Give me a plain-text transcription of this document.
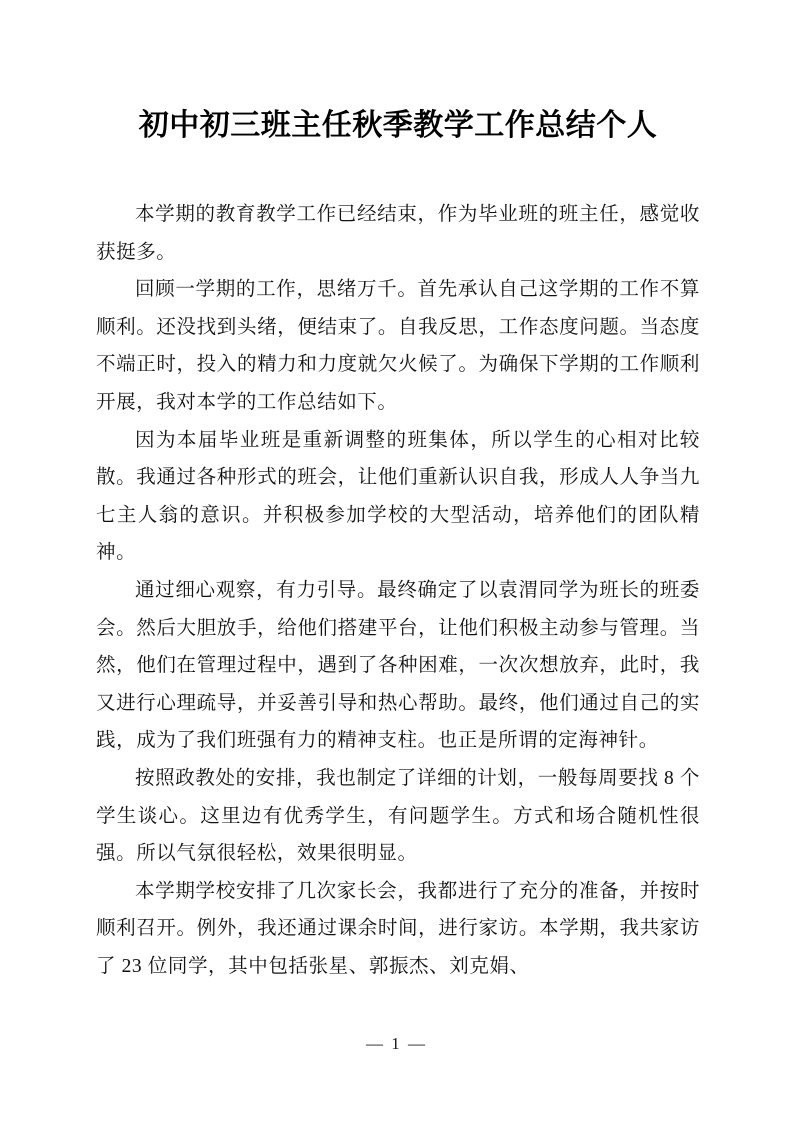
初中初三班主任秋季教学工作总结个人

本学期的教育教学工作已经结束，作为毕业班的班主任，感觉收获挺多。

回顾一学期的工作，思绪万千。首先承认自己这学期的工作不算顺利。还没找到头绪，便结束了。自我反思，工作态度问题。当态度不端正时，投入的精力和力度就欠火候了。为确保下学期的工作顺利开展，我对本学的工作总结如下。

因为本届毕业班是重新调整的班集体，所以学生的心相对比较散。我通过各种形式的班会，让他们重新认识自我，形成人人争当九七主人翁的意识。并积极参加学校的大型活动，培养他们的团队精神。

通过细心观察，有力引导。最终确定了以袁渭同学为班长的班委会。然后大胆放手，给他们搭建平台，让他们积极主动参与管理。当然，他们在管理过程中，遇到了各种困难，一次次想放弃，此时，我又进行心理疏导，并妥善引导和热心帮助。最终，他们通过自己的实践，成为了我们班强有力的精神支柱。也正是所谓的定海神针。

按照政教处的安排，我也制定了详细的计划，一般每周要找 8 个学生谈心。这里边有优秀学生，有问题学生。方式和场合随机性很强。所以气氛很轻松，效果很明显。

本学期学校安排了几次家长会，我都进行了充分的准备，并按时顺利召开。例外，我还通过课余时间，进行家访。本学期，我共家访了 23 位同学，其中包括张星、郭振杰、刘克娟、

— 1 —
